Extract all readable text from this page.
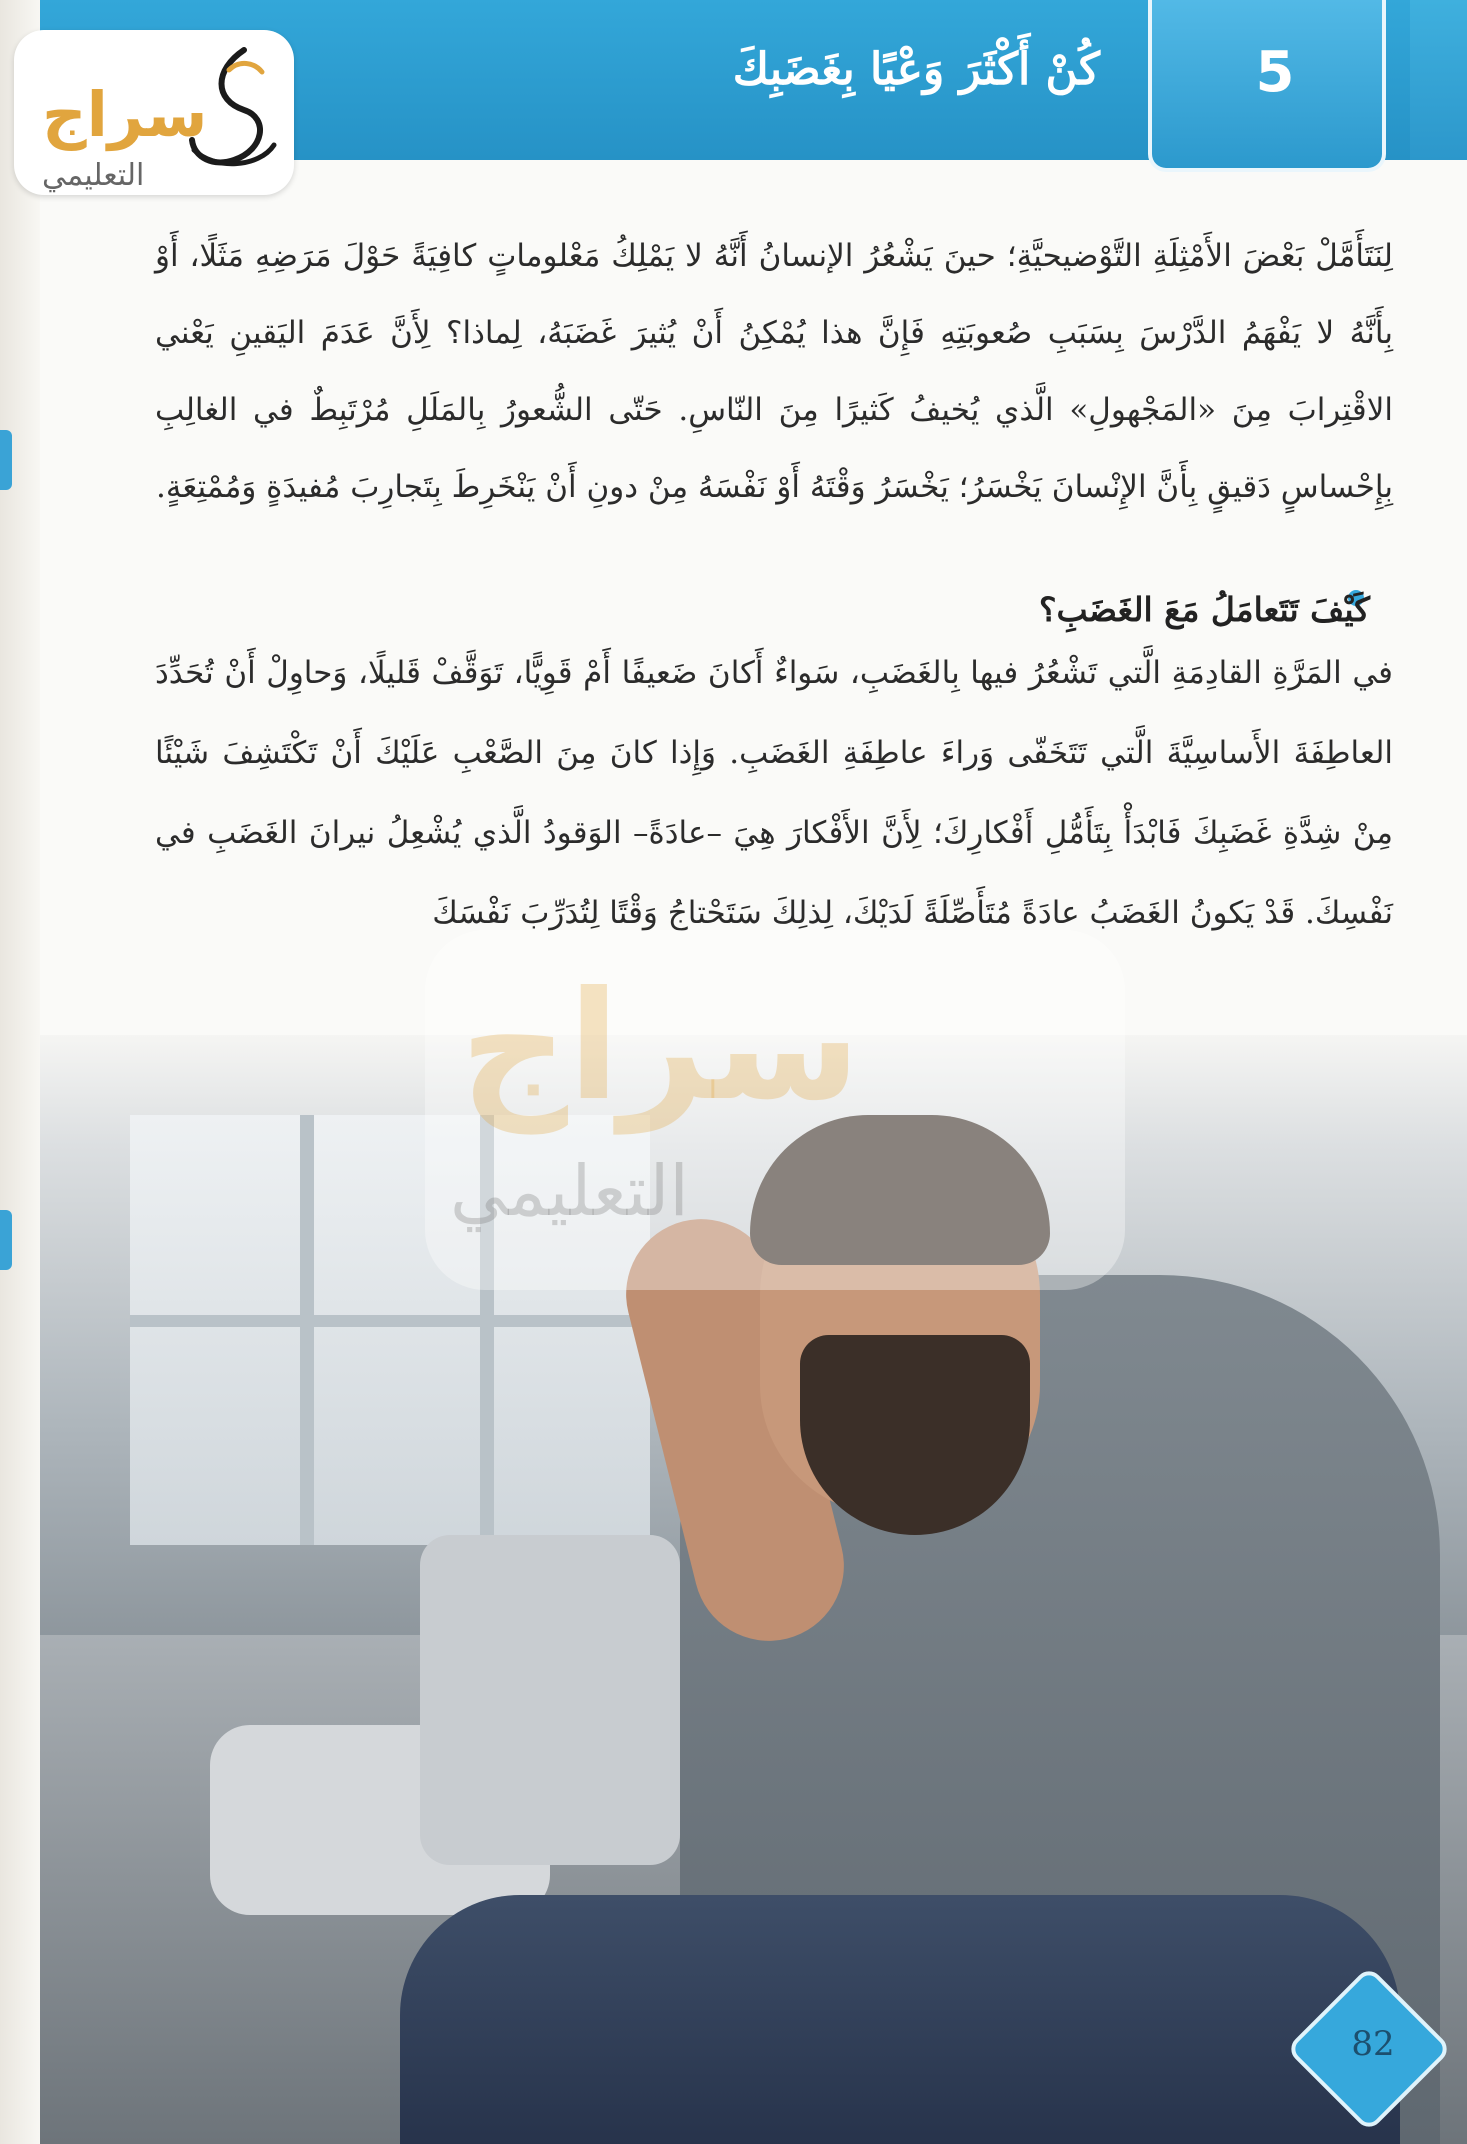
5
كُنْ أَكْثَرَ وَعْيًا بِغَضَبِكَ
لِنَتَأَمَّلْ بَعْضَ الأَمْثِلَةِ التَّوْضيحيَّةِ؛ حينَ يَشْعُرُ الإنسانُ أَنَّهُ لا يَمْلِكُ مَعْلوماتٍ كافِيَةً حَوْلَ مَرَضِهِ مَثَلًا، أَوْ بِأَنَّهُ لا يَفْهَمُ الدَّرْسَ بِسَبَبِ صُعوبَتِهِ فَإِنَّ هذا يُمْكِنُ أَنْ يُثيرَ غَضَبَهُ، لِماذا؟ لِأَنَّ عَدَمَ اليَقينِ يَعْني الاقْتِرابَ مِنَ «المَجْهولِ» الَّذي يُخيفُ كَثيرًا مِنَ النّاسِ. حَتّى الشُّعورُ بِالمَلَلِ مُرْتَبِطٌ في الغالِبِ بِإِحْساسٍ دَقيقٍ بِأَنَّ الإِنْسانَ يَخْسَرُ؛ يَخْسَرُ وَقْتَهُ أَوْ نَفْسَهُ مِنْ دونِ أَنْ يَنْخَرِطَ بِتَجارِبَ مُفيدَةٍ وَمُمْتِعَةٍ.
كَيْفَ تَتَعامَلُ مَعَ الغَضَبِ؟
في المَرَّةِ القادِمَةِ الَّتي تَشْعُرُ فيها بِالغَضَبِ، سَواءٌ أَكانَ ضَعيفًا أَمْ قَوِيًّا، تَوَقَّفْ قَليلًا، وَحاوِلْ أَنْ تُحَدِّدَ العاطِفَةَ الأَساسِيَّةَ الَّتي تَتَخَفّى وَراءَ عاطِفَةِ الغَضَبِ. وَإِذا كانَ مِنَ الصَّعْبِ عَلَيْكَ أَنْ تَكْتَشِفَ شَيْئًا مِنْ شِدَّةِ غَضَبِكَ فَابْدَأْ بِتَأَمُّلِ أَفْكارِكَ؛ لِأَنَّ الأَفْكارَ هِيَ –عادَةً– الوَقودُ الَّذي يُشْعِلُ نيرانَ الغَضَبِ في نَفْسِكَ. قَدْ يَكونُ الغَضَبُ عادَةً مُتَأَصِّلَةً لَدَيْكَ، لِذلِكَ سَتَحْتاجُ وَقْتًا لِتُدَرِّبَ نَفْسَكَ
سراج
التعليمي
82
سراج
التعليمي
